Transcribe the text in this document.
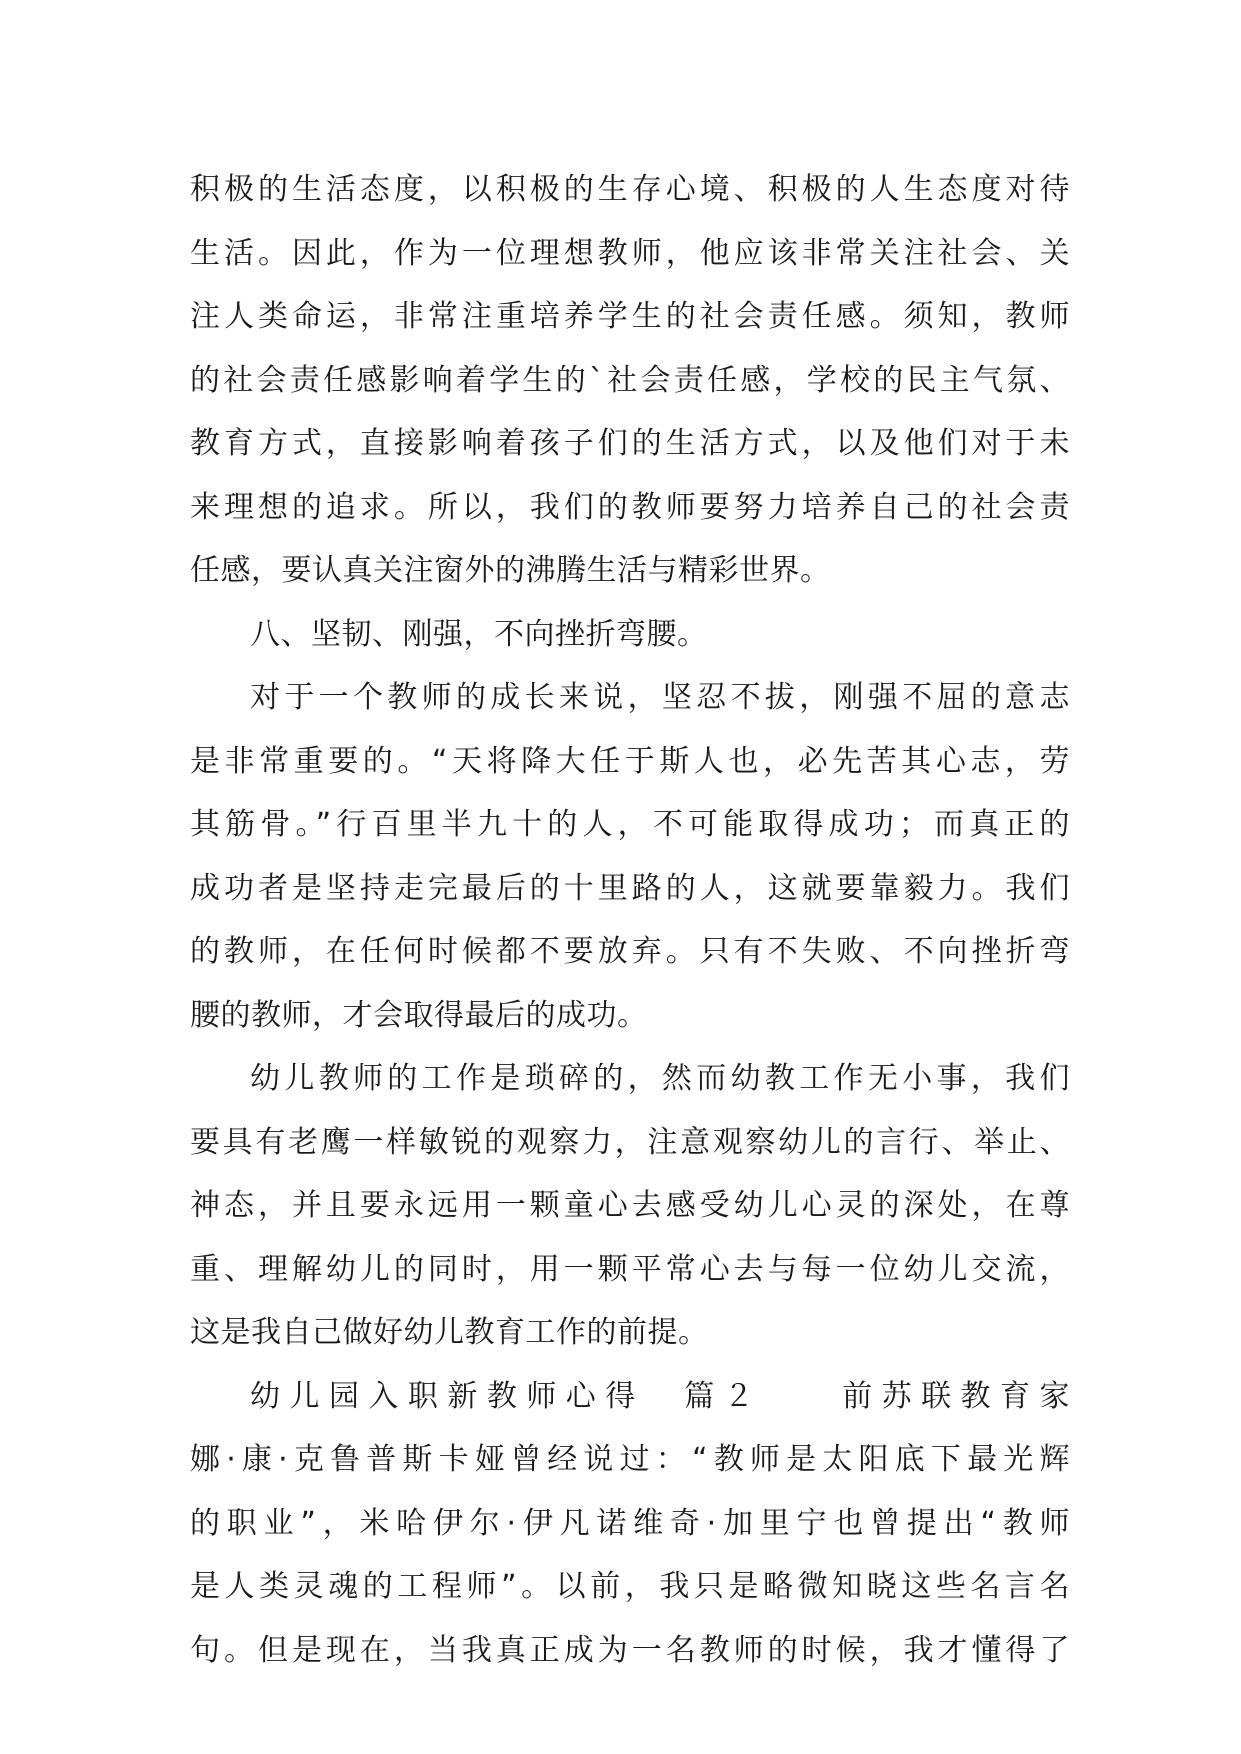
积极的生活态度，以积极的生存心境、积极的人生态度对待
生活。因此，作为一位理想教师，他应该非常关注社会、关
注人类命运，非常注重培养学生的社会责任感。须知，教师
的社会责任感影响着学生的`社会责任感，学校的民主气氛、
教育方式，直接影响着孩子们的生活方式，以及他们对于未
来理想的追求。所以，我们的教师要努力培养自己的社会责
任感，要认真关注窗外的沸腾生活与精彩世界。
八、坚韧、刚强，不向挫折弯腰。
对于一个教师的成长来说，坚忍不拔，刚强不屈的意志
是非常重要的。“天将降大任于斯人也，必先苦其心志，劳
其筋骨。”行百里半九十的人，不可能取得成功；而真正的
成功者是坚持走完最后的十里路的人，这就要靠毅力。我们
的教师，在任何时候都不要放弃。只有不失败、不向挫折弯
腰的教师，才会取得最后的成功。
幼儿教师的工作是琐碎的，然而幼教工作无小事，我们
要具有老鹰一样敏锐的观察力，注意观察幼儿的言行、举止、
神态，并且要永远用一颗童心去感受幼儿心灵的深处，在尊
重、理解幼儿的同时，用一颗平常心去与每一位幼儿交流，
这是我自己做好幼儿教育工作的前提。
幼儿园入职新教师心得　篇２　　前苏联教育家
娜·康·克鲁普斯卡娅曾经说过：“教师是太阳底下最光辉
的职业”，米哈伊尔·伊凡诺维奇·加里宁也曾提出“教师
是人类灵魂的工程师”。以前，我只是略微知晓这些名言名
句。但是现在，当我真正成为一名教师的时候，我才懂得了
